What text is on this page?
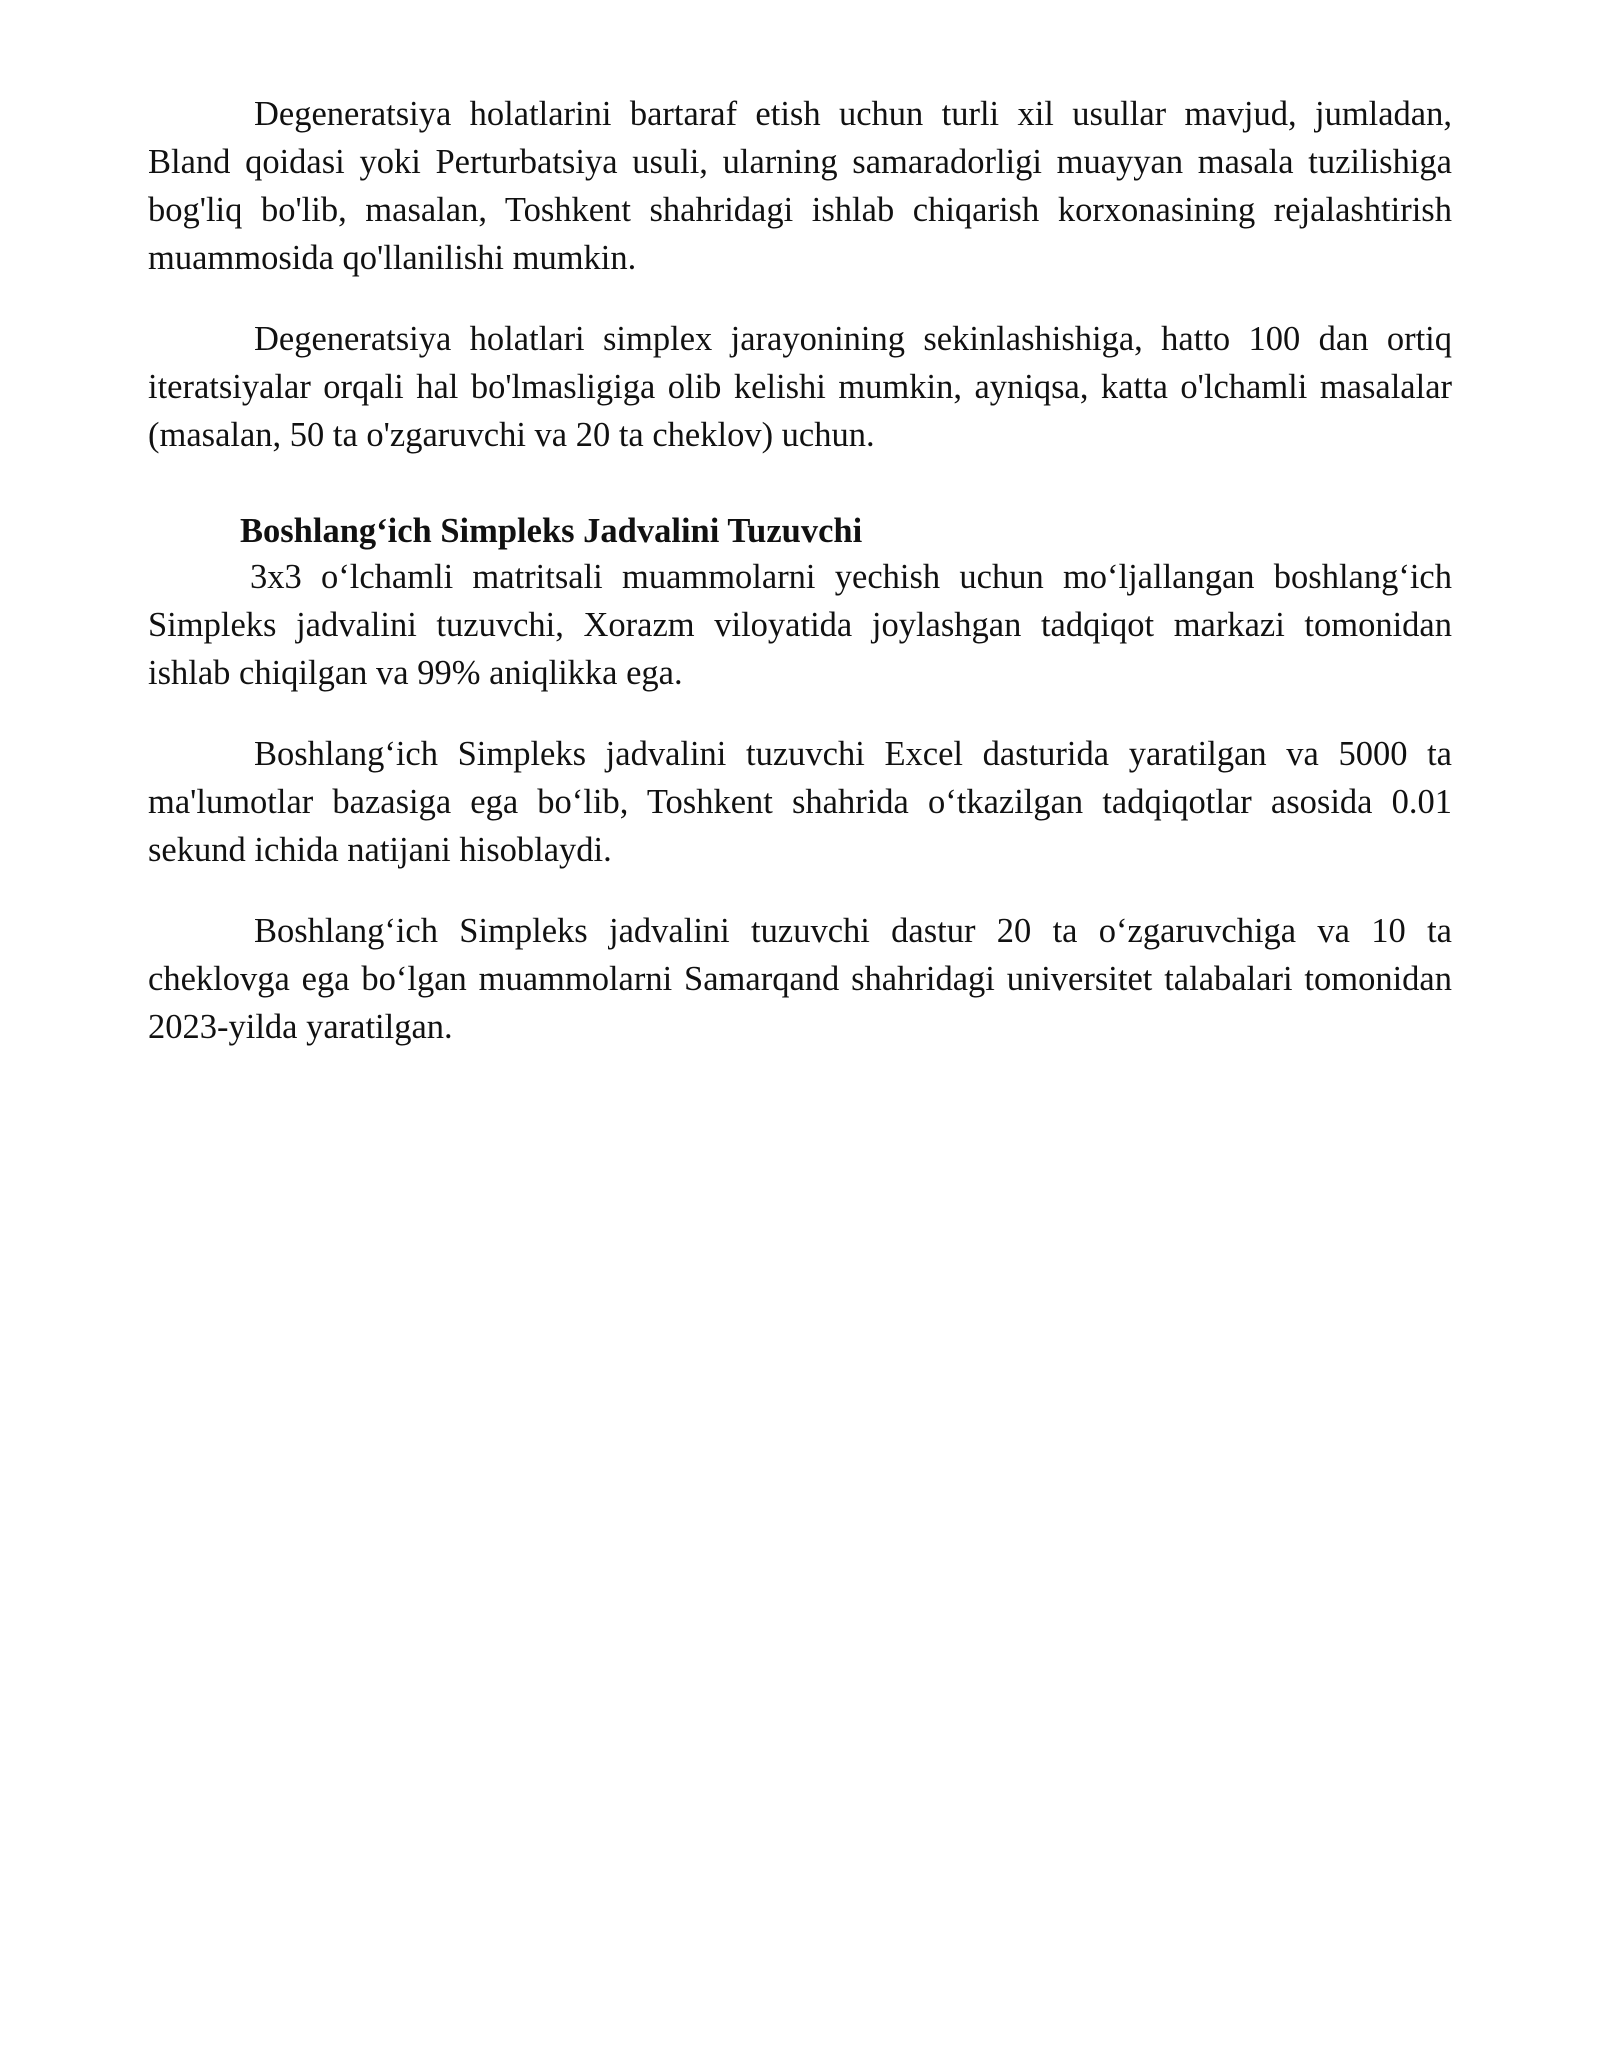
Degeneratsiya holatlarini bartaraf etish uchun turli xil usullar mavjud, jumladan, Bland qoidasi yoki Perturbatsiya usuli, ularning samaradorligi muayyan masala tuzilishiga bog'liq bo'lib, masalan, Toshkent shahridagi ishlab chiqarish korxonasining rejalashtirish muammosida qo'llanilishi mumkin.

Degeneratsiya holatlari simplex jarayonining sekinlashishiga, hatto 100 dan ortiq iteratsiyalar orqali hal bo'lmasligiga olib kelishi mumkin, ayniqsa, katta o'lchamli masalalar (masalan, 50 ta o'zgaruvchi va 20 ta cheklov) uchun.

Boshlang‘ich Simpleks Jadvalini Tuzuvchi

3x3 o‘lchamli matritsali muammolarni yechish uchun mo‘ljallangan boshlang‘ich Simpleks jadvalini tuzuvchi, Xorazm viloyatida joylashgan tadqiqot markazi tomonidan ishlab chiqilgan va 99% aniqlikka ega.

Boshlang‘ich Simpleks jadvalini tuzuvchi Excel dasturida yaratilgan va 5000 ta ma'lumotlar bazasiga ega bo‘lib, Toshkent shahrida o‘tkazilgan tadqiqotlar asosida 0.01 sekund ichida natijani hisoblaydi.

Boshlang‘ich Simpleks jadvalini tuzuvchi dastur 20 ta o‘zgaruvchiga va 10 ta cheklovga ega bo‘lgan muammolarni Samarqand shahridagi universitet talabalari tomonidan 2023-yilda yaratilgan.
